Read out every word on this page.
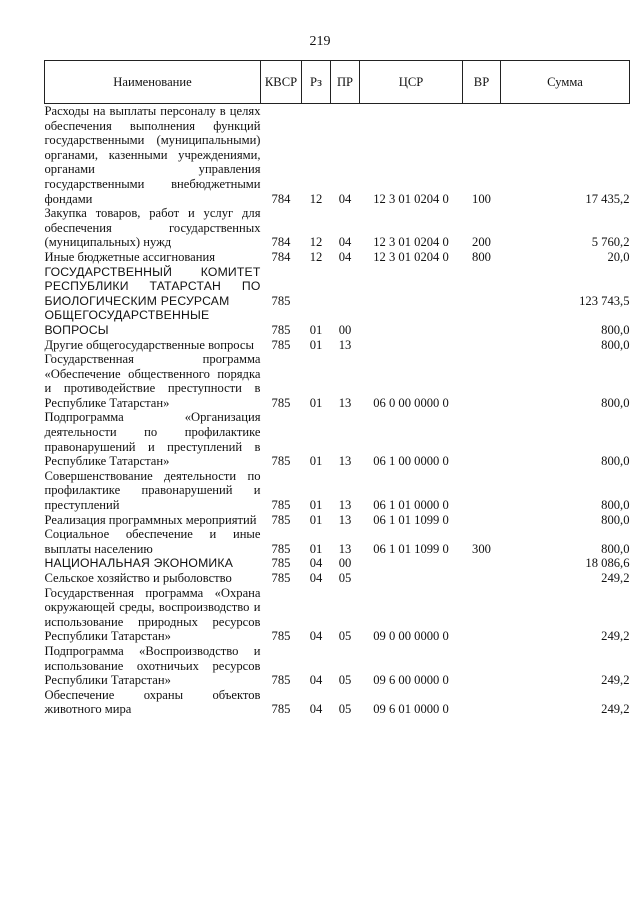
219
Наименование	КВСР	Рз	ПР	ЦСР	ВР	Сумма
Расходы на выплаты персоналу в целях обеспечения выполнения функций государственными (муниципальными) органами, казенными учреждениями, органами управления государственными внебюджетными фондами	784	12	04	12 3 01 0204 0	100	17 435,2
Закупка товаров, работ и услуг для обеспечения государственных (муниципальных) нужд	784	12	04	12 3 01 0204 0	200	5 760,2
Иные бюджетные ассигнования	784	12	04	12 3 01 0204 0	800	20,0
ГОСУДАРСТВЕННЫЙ КОМИТЕТ РЕСПУБЛИКИ ТАТАРСТАН ПО БИОЛОГИЧЕСКИМ РЕСУРСАМ	785					123 743,5
ОБЩЕГОСУДАРСТВЕННЫЕ ВОПРОСЫ	785	01	00			800,0
Другие общегосударственные вопросы	785	01	13			800,0
Государственная программа «Обеспечение общественного порядка и противодействие преступности в Республике Татарстан»	785	01	13	06 0 00 0000 0		800,0
Подпрограмма «Организация деятельности по профилактике правонарушений и преступлений в Республике Татарстан»	785	01	13	06 1 00 0000 0		800,0
Совершенствование деятельности по профилактике правонарушений и преступлений	785	01	13	06 1 01 0000 0		800,0
Реализация программных мероприятий	785	01	13	06 1 01 1099 0		800,0
Социальное обеспечение и иные выплаты населению	785	01	13	06 1 01 1099 0	300	800,0
НАЦИОНАЛЬНАЯ ЭКОНОМИКА	785	04	00			18 086,6
Сельское хозяйство и рыболовство	785	04	05			249,2
Государственная программа «Охрана окружающей среды, воспроизводство и использование природных ресурсов Республики Татарстан»	785	04	05	09 0 00 0000 0		249,2
Подпрограмма «Воспроизводство и использование охотничьих ресурсов Республики Татарстан»	785	04	05	09 6 00 0000 0		249,2
Обеспечение охраны объектов животного мира	785	04	05	09 6 01 0000 0		249,2
